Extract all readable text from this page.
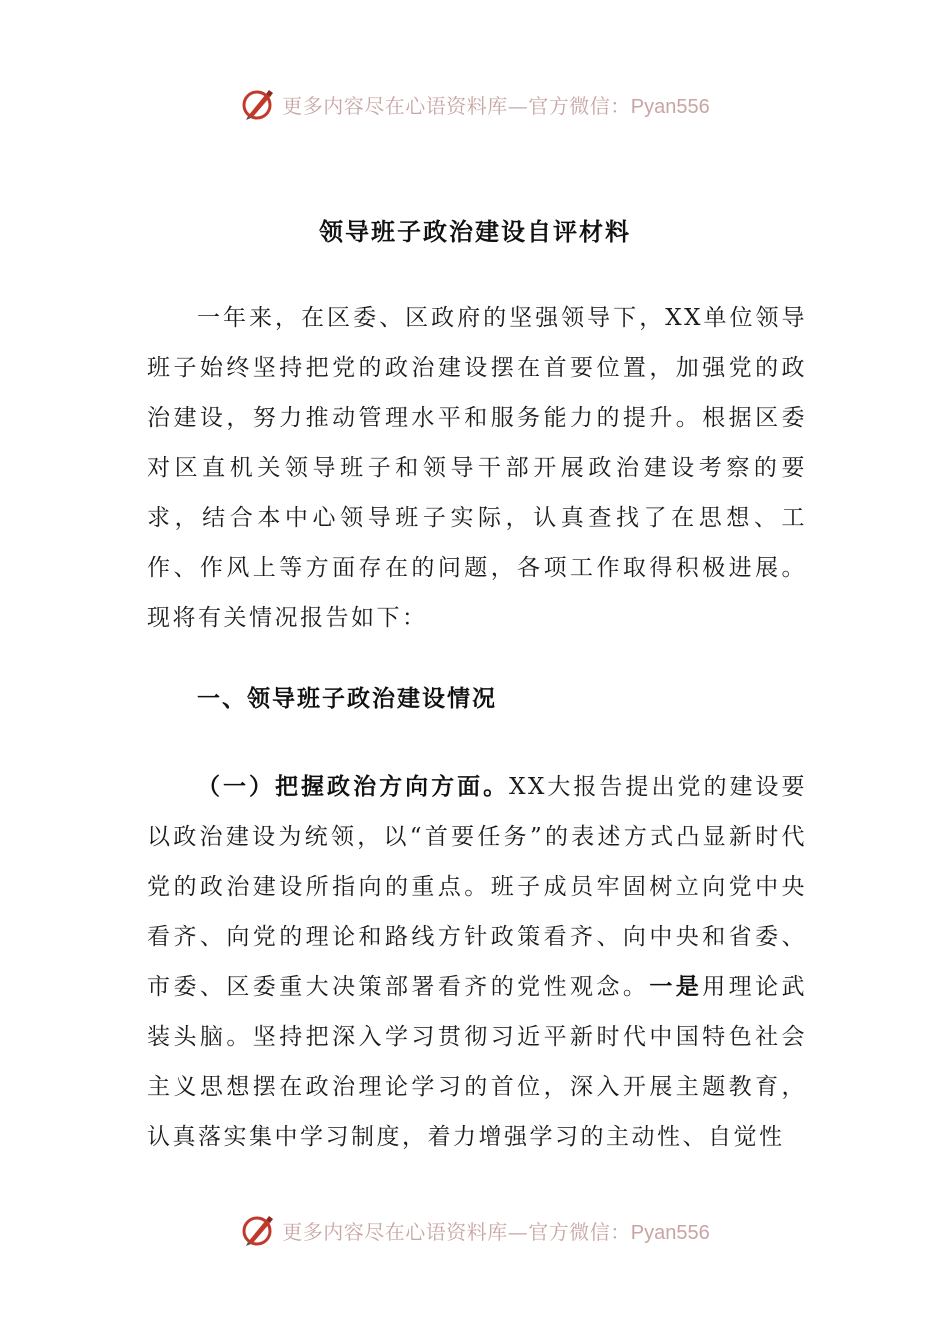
更多内容尽在心语资料库—官方微信：Pyan556
领导班子政治建设自评材料

一年来，在区委、区政府的坚强领导下，XX单位领导班子始终坚持把党的政治建设摆在首要位置，加强党的政治建设，努力推动管理水平和服务能力的提升。根据区委对区直机关领导班子和领导干部开展政治建设考察的要求，结合本中心领导班子实际，认真查找了在思想、工作、作风上等方面存在的问题，各项工作取得积极进展。现将有关情况报告如下：

一、领导班子政治建设情况

（一）把握政治方向方面。XX大报告提出党的建设要以政治建设为统领，以“首要任务”的表述方式凸显新时代党的政治建设所指向的重点。班子成员牢固树立向党中央看齐、向党的理论和路线方针政策看齐、向中央和省委、市委、区委重大决策部署看齐的党性观念。一是用理论武装头脑。坚持把深入学习贯彻习近平新时代中国特色社会主义思想摆在政治理论学习的首位，深入开展主题教育，认真落实集中学习制度，着力增强学习的主动性、自觉性

更多内容尽在心语资料库—官方微信：Pyan556
